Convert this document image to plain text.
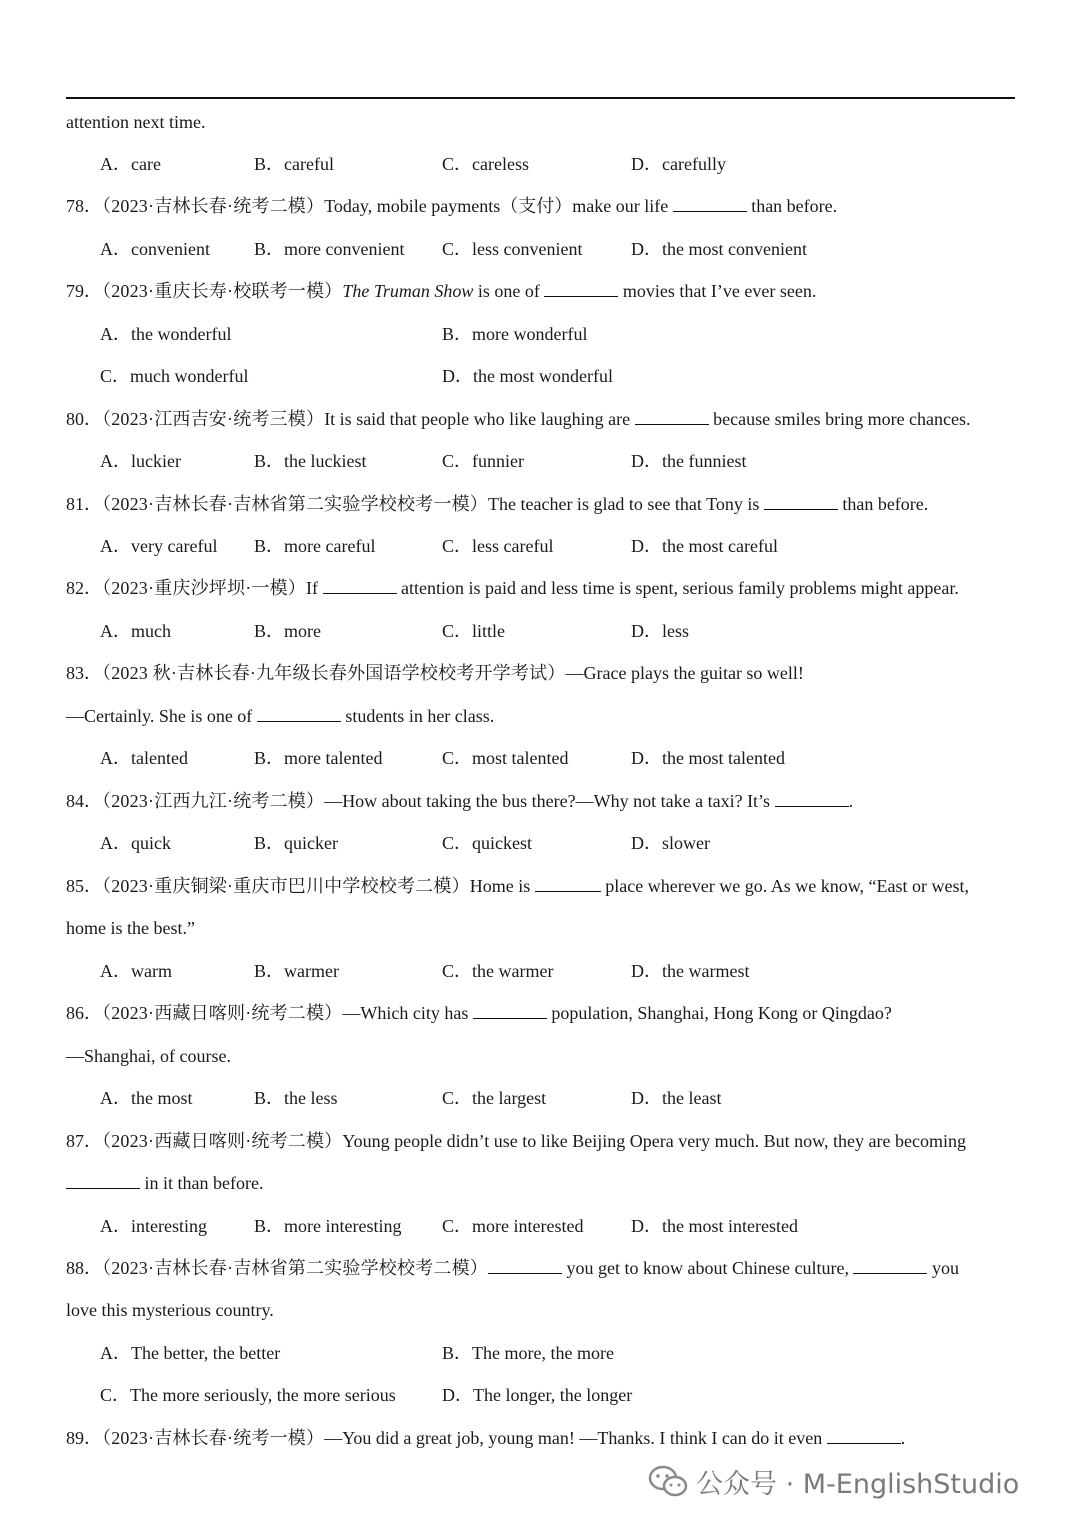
attention next time.
A．care	B．careful	C．careless	D．carefully
78．（2023·吉林长春·统考二模）Today, mobile payments（支付）make our life	than before.
A．convenient B．more convenient C．less convenient	D．the most convenient
79．（2023·重庆长寿·校联考一模）The Truman Show is one of	movies that I’ve ever seen.
A．the wonderful	B．more wonderful
C．much wonderful	D．the most wonderful
80．（2023·江西吉安·统考三模）It is said that people who like laughing are	because smiles bring more chances.
A．luckier	B．the luckiest	C．funnier	D．the funniest
81．（2023·吉林长春·吉林省第二实验学校校考一模）The teacher is glad to see that Tony is	than before.
A．very careful B．more careful	C．less careful	D．the most careful
82．（2023·重庆沙坪坝·一模）If	attention is paid and less time is spent, serious family problems might appear.
A．much	B．more	C．little	D．less
83．（2023 秋·吉林长春·九年级长春外国语学校校考开学考试）—Grace plays the guitar so well!
—Certainly. She is one of	students in her class.
A．talented	B．more talented	C．most talented	D．the most talented
84．（2023·江西九江·统考二模）—How about taking the bus there?—Why not take a taxi? It’s	.
A．quick	B．quicker	C．quickest	D．slower
85．（2023·重庆铜梁·重庆市巴川中学校校考二模）Home is	place wherever we go. As we know, “East or west,
home is the best.”
A．warm	B．warmer	C．the warmer	D．the warmest
86．（2023·西藏日喀则·统考二模）—Which city has	population, Shanghai, Hong Kong or Qingdao?
—Shanghai, of course.
A．the most	B．the less	C．the largest	D．the least
87．（2023·西藏日喀则·统考二模）Young people didn’t use to like Beijing Opera very much. But now, they are becoming
in it than before.
A．interesting	B．more interesting C．more interested	D．the most interested
88．（2023·吉林长春·吉林省第二实验学校校考二模）	you get to know about Chinese culture,	you
love this mysterious country.
A．The better, the better	B．The more, the more
C．The more seriously, the more serious	D．The longer, the longer
89．（2023·吉林长春·统考一模）—You did a great job, young man! —Thanks. I think I can do it even	.
公众号 · M-EnglishStudio
